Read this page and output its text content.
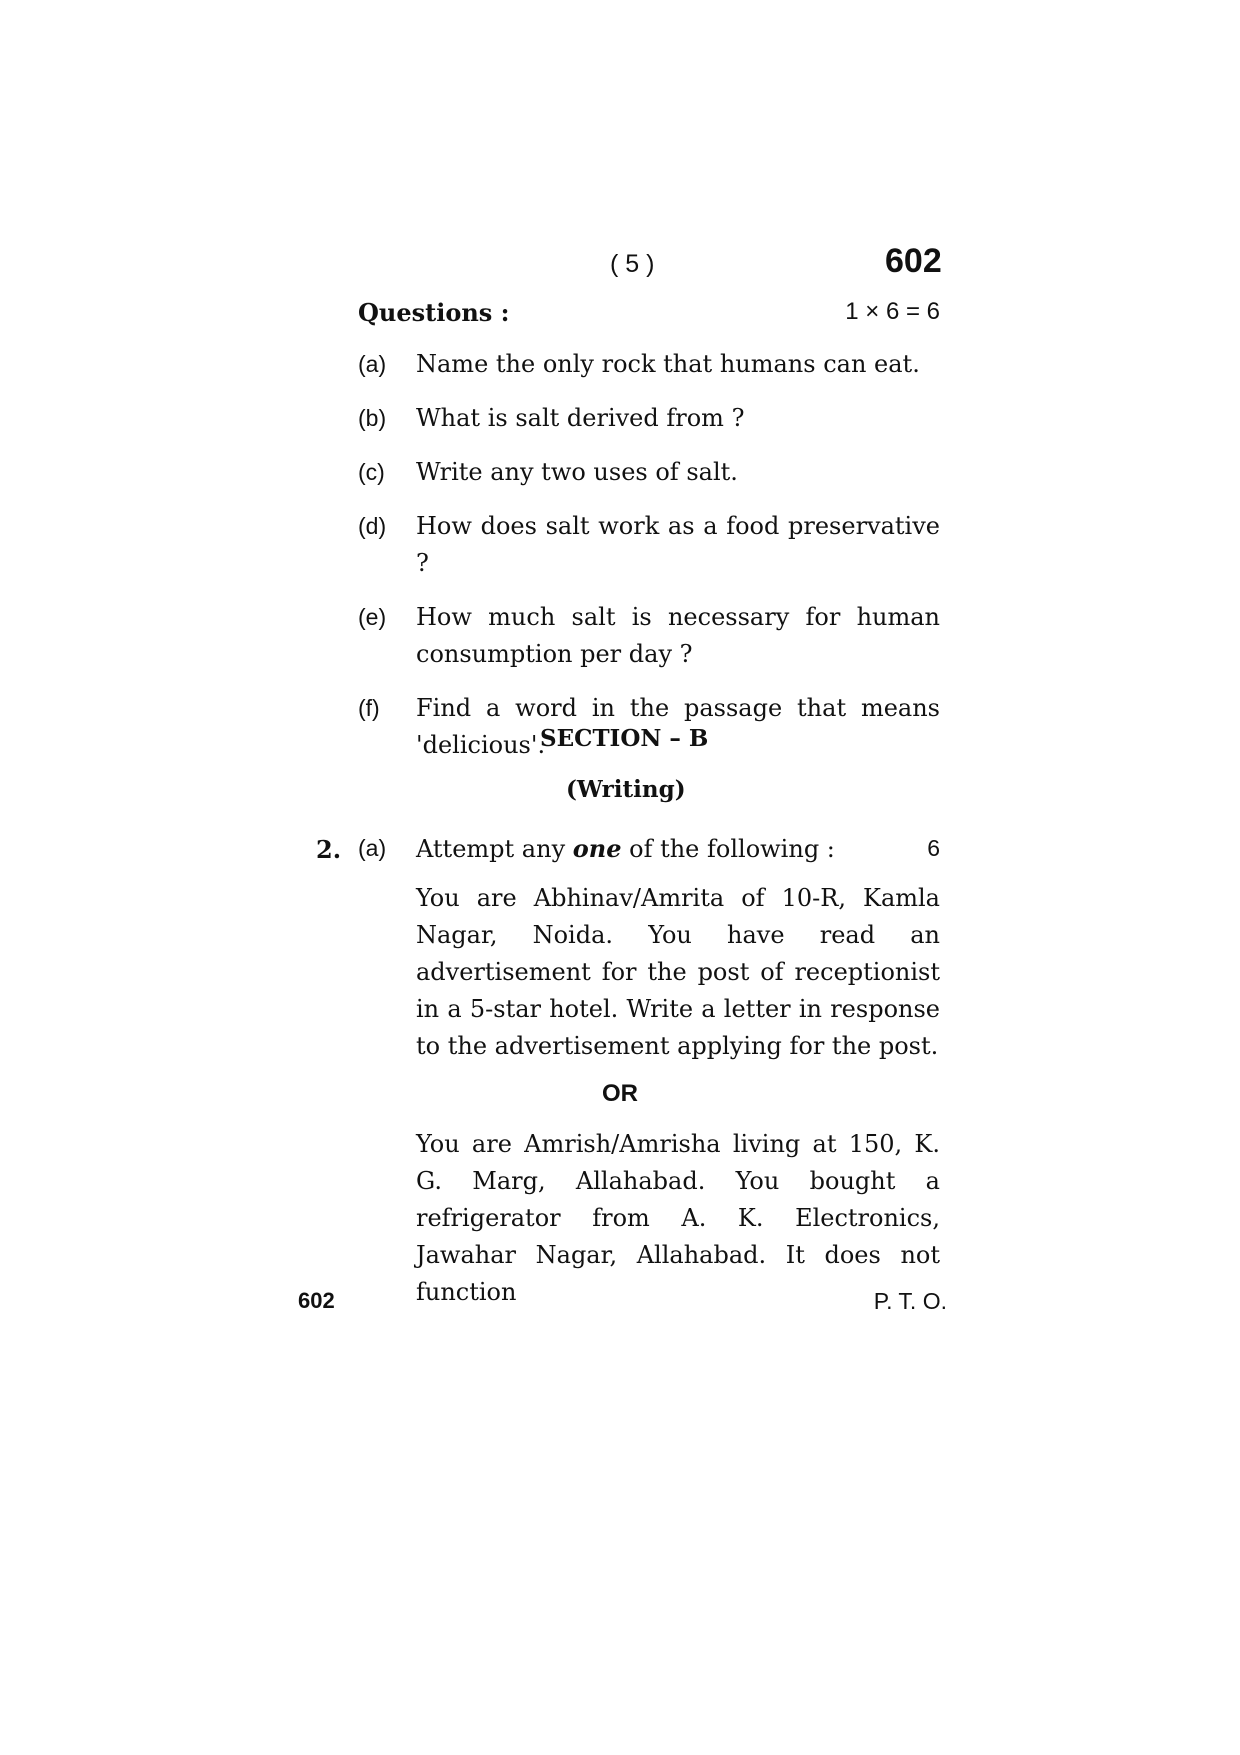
( 5 )	602
Questions :	1 × 6 = 6
(a)	Name the only rock that humans can eat.
(b)	What is salt derived from ?
(c)	Write any two uses of salt.
(d)	How does salt work as a food preservative ?
(e)	How much salt is necessary for human consumption per day ?
(f)	Find a word in the passage that means 'delicious'.
SECTION – B
(Writing)
2. (a) Attempt any one of the following :	6
You are Abhinav/Amrita of 10-R, Kamla Nagar, Noida. You have read an advertisement for the post of receptionist in a 5-star hotel. Write a letter in response to the advertisement applying for the post.
OR
You are Amrish/Amrisha living at 150, K. G. Marg, Allahabad. You bought a refrigerator from A. K. Electronics, Jawahar Nagar, Allahabad. It does not function
602	P. T. O.
